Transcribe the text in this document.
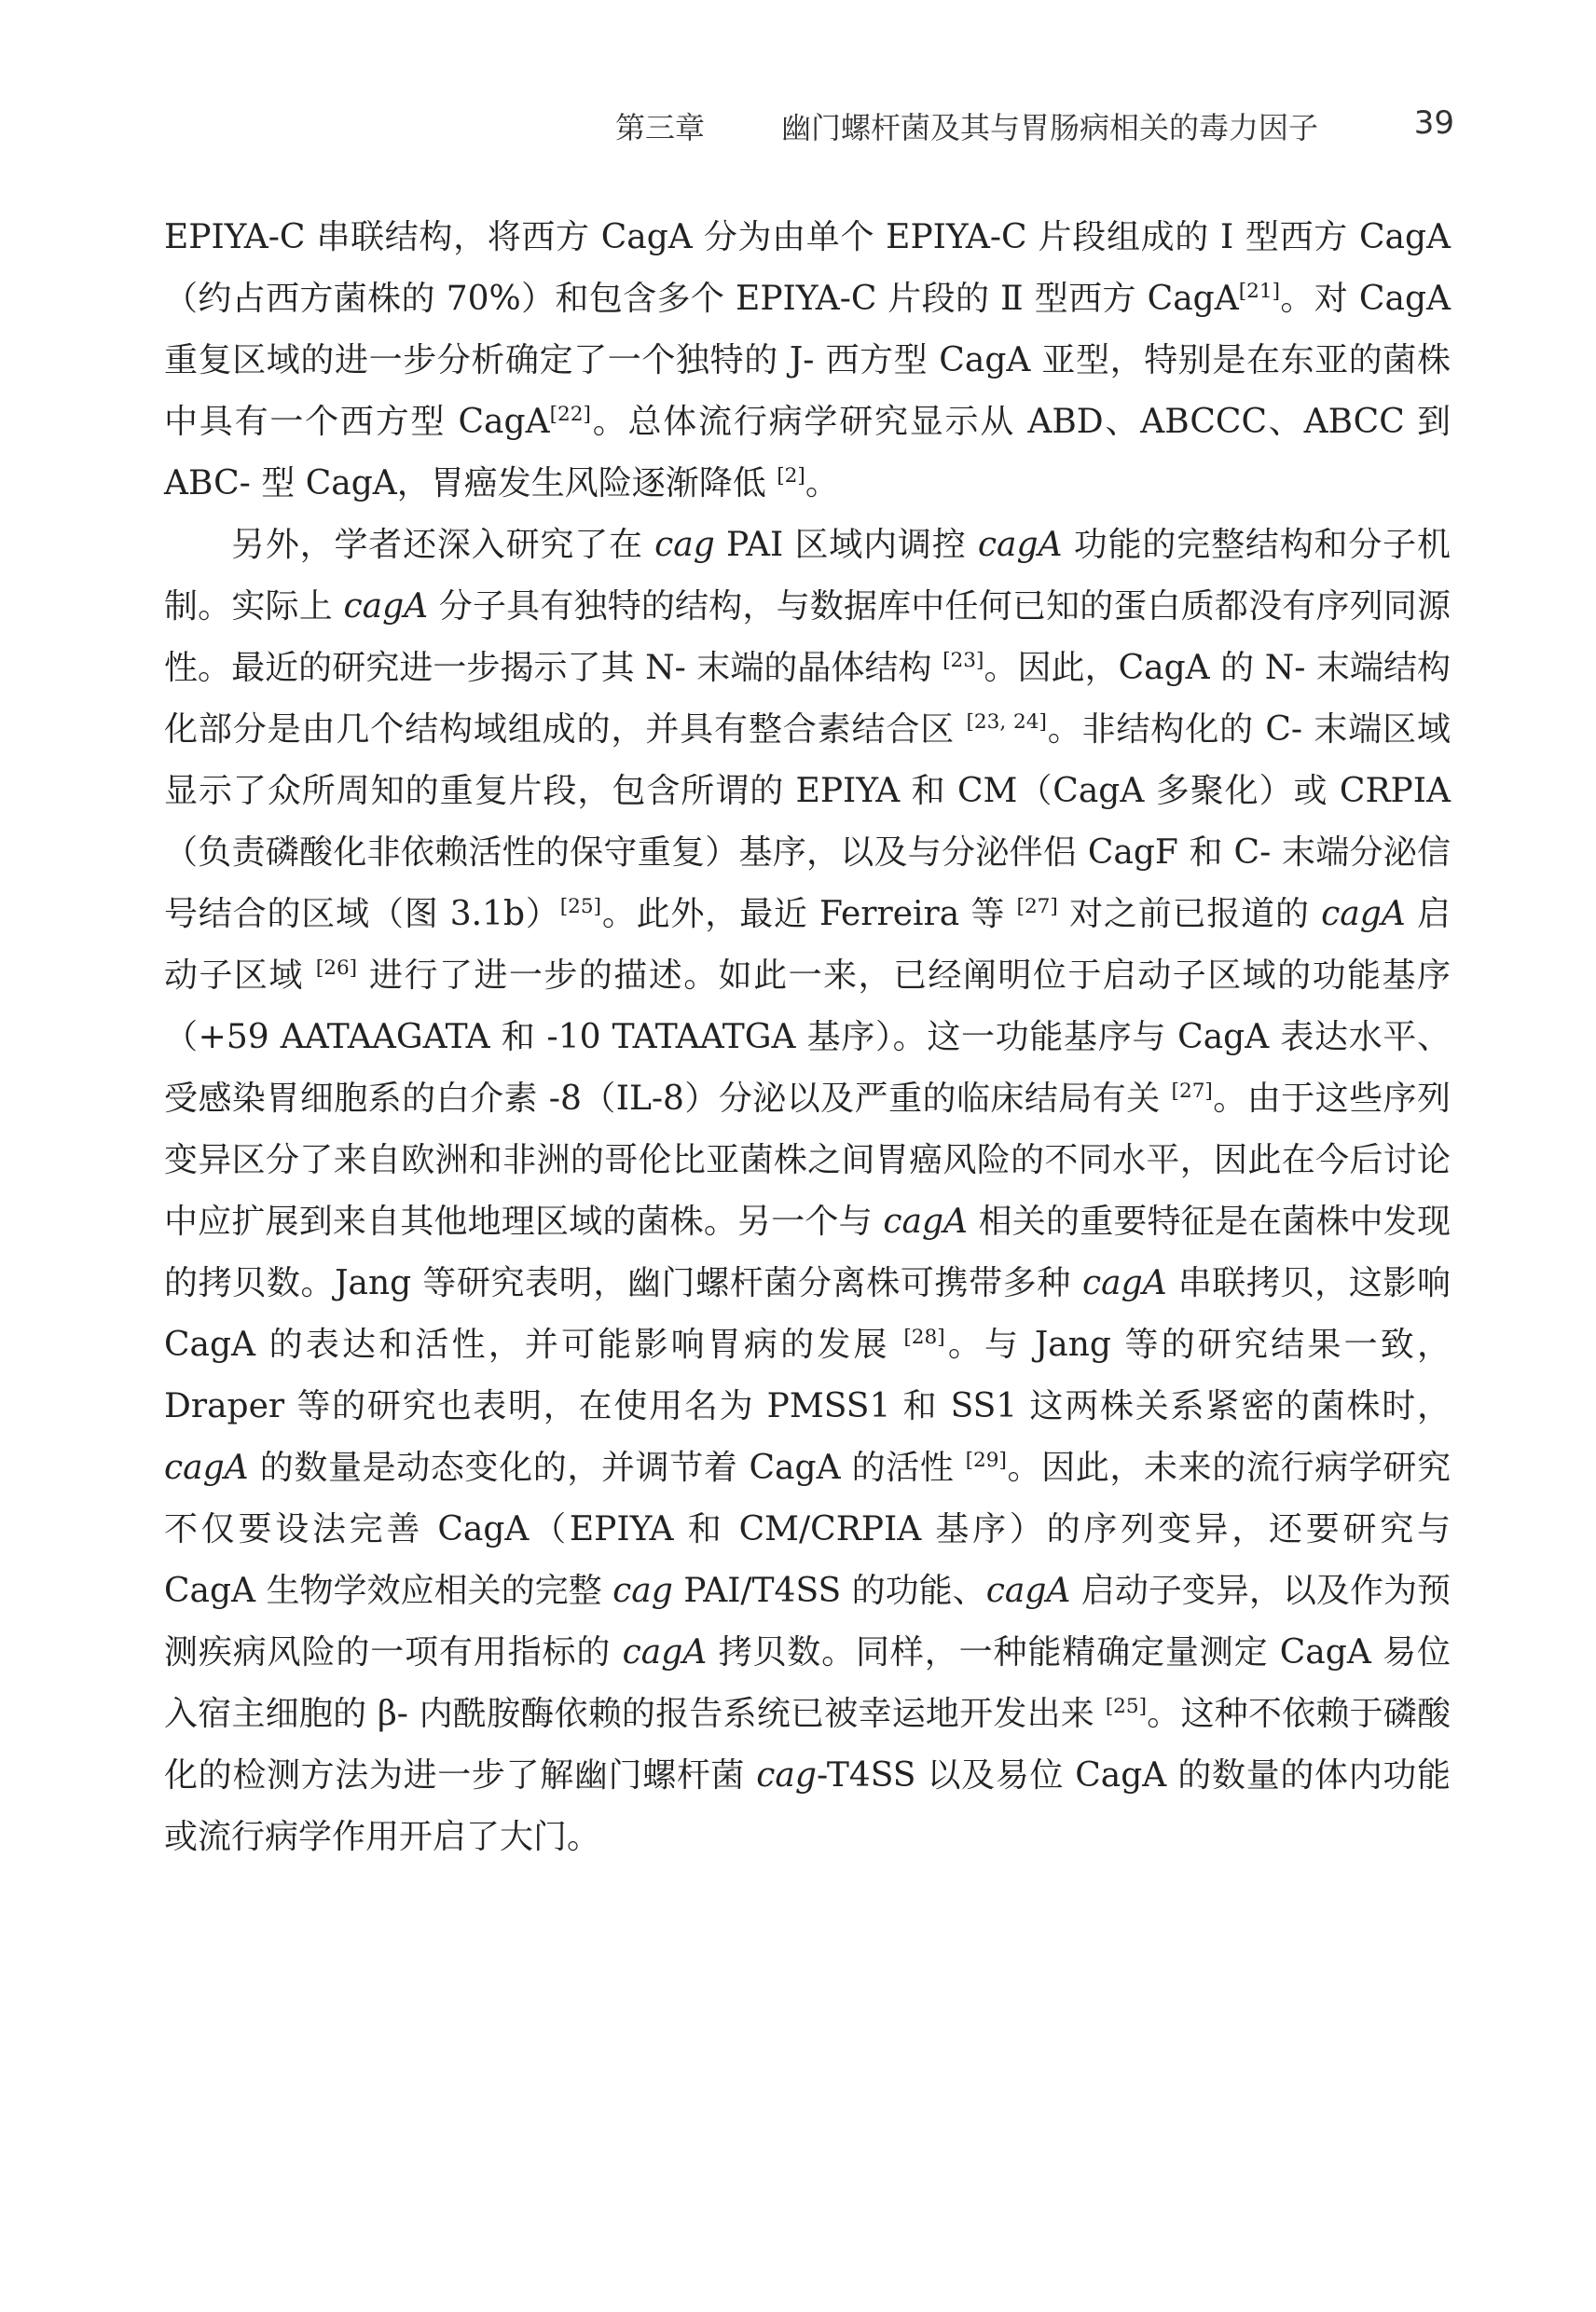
第三章	幽门螺杆菌及其与胃肠病相关的毒力因子	39

EPIYA-C 串联结构，将西方 CagA 分为由单个 EPIYA-C 片段组成的 Ⅰ 型西方 CagA（约占西方菌株的 70%）和包含多个 EPIYA-C 片段的 Ⅱ 型西方 CagA[21]。对 CagA 重复区域的进一步分析确定了一个独特的 J- 西方型 CagA 亚型，特别是在东亚的菌株中具有一个西方型 CagA[22]。总体流行病学研究显示从 ABD、ABCCC、ABCC 到 ABC- 型 CagA，胃癌发生风险逐渐降低 [2]。

另外，学者还深入研究了在 cag PAI 区域内调控 cagA 功能的完整结构和分子机制。实际上 cagA 分子具有独特的结构，与数据库中任何已知的蛋白质都没有序列同源性。最近的研究进一步揭示了其 N- 末端的晶体结构 [23]。因此，CagA 的 N- 末端结构化部分是由几个结构域组成的，并具有整合素结合区 [23, 24]。非结构化的 C- 末端区域显示了众所周知的重复片段，包含所谓的 EPIYA 和 CM（CagA 多聚化）或 CRPIA（负责磷酸化非依赖活性的保守重复）基序，以及与分泌伴侣 CagF 和 C- 末端分泌信号结合的区域（图 3.1b）[25]。此外，最近 Ferreira 等 [27] 对之前已报道的 cagA 启动子区域 [26] 进行了进一步的描述。如此一来，已经阐明位于启动子区域的功能基序（+59 AATAAGATA 和 -10 TATAATGA 基序）。这一功能基序与 CagA 表达水平、受感染胃细胞系的白介素 -8（IL-8）分泌以及严重的临床结局有关 [27]。由于这些序列变异区分了来自欧洲和非洲的哥伦比亚菌株之间胃癌风险的不同水平，因此在今后讨论中应扩展到来自其他地理区域的菌株。另一个与 cagA 相关的重要特征是在菌株中发现的拷贝数。Jang 等研究表明，幽门螺杆菌分离株可携带多种 cagA 串联拷贝，这影响 CagA 的表达和活性，并可能影响胃病的发展 [28]。与 Jang 等的研究结果一致，Draper 等的研究也表明，在使用名为 PMSS1 和 SS1 这两株关系紧密的菌株时，cagA 的数量是动态变化的，并调节着 CagA 的活性 [29]。因此，未来的流行病学研究不仅要设法完善 CagA（EPIYA 和 CM/CRPIA 基序）的序列变异，还要研究与 CagA 生物学效应相关的完整 cag PAI/T4SS 的功能、cagA 启动子变异，以及作为预测疾病风险的一项有用指标的 cagA 拷贝数。同样，一种能精确定量测定 CagA 易位入宿主细胞的 β- 内酰胺酶依赖的报告系统已被幸运地开发出来 [25]。这种不依赖于磷酸化的检测方法为进一步了解幽门螺杆菌 cag-T4SS 以及易位 CagA 的数量的体内功能或流行病学作用开启了大门。
